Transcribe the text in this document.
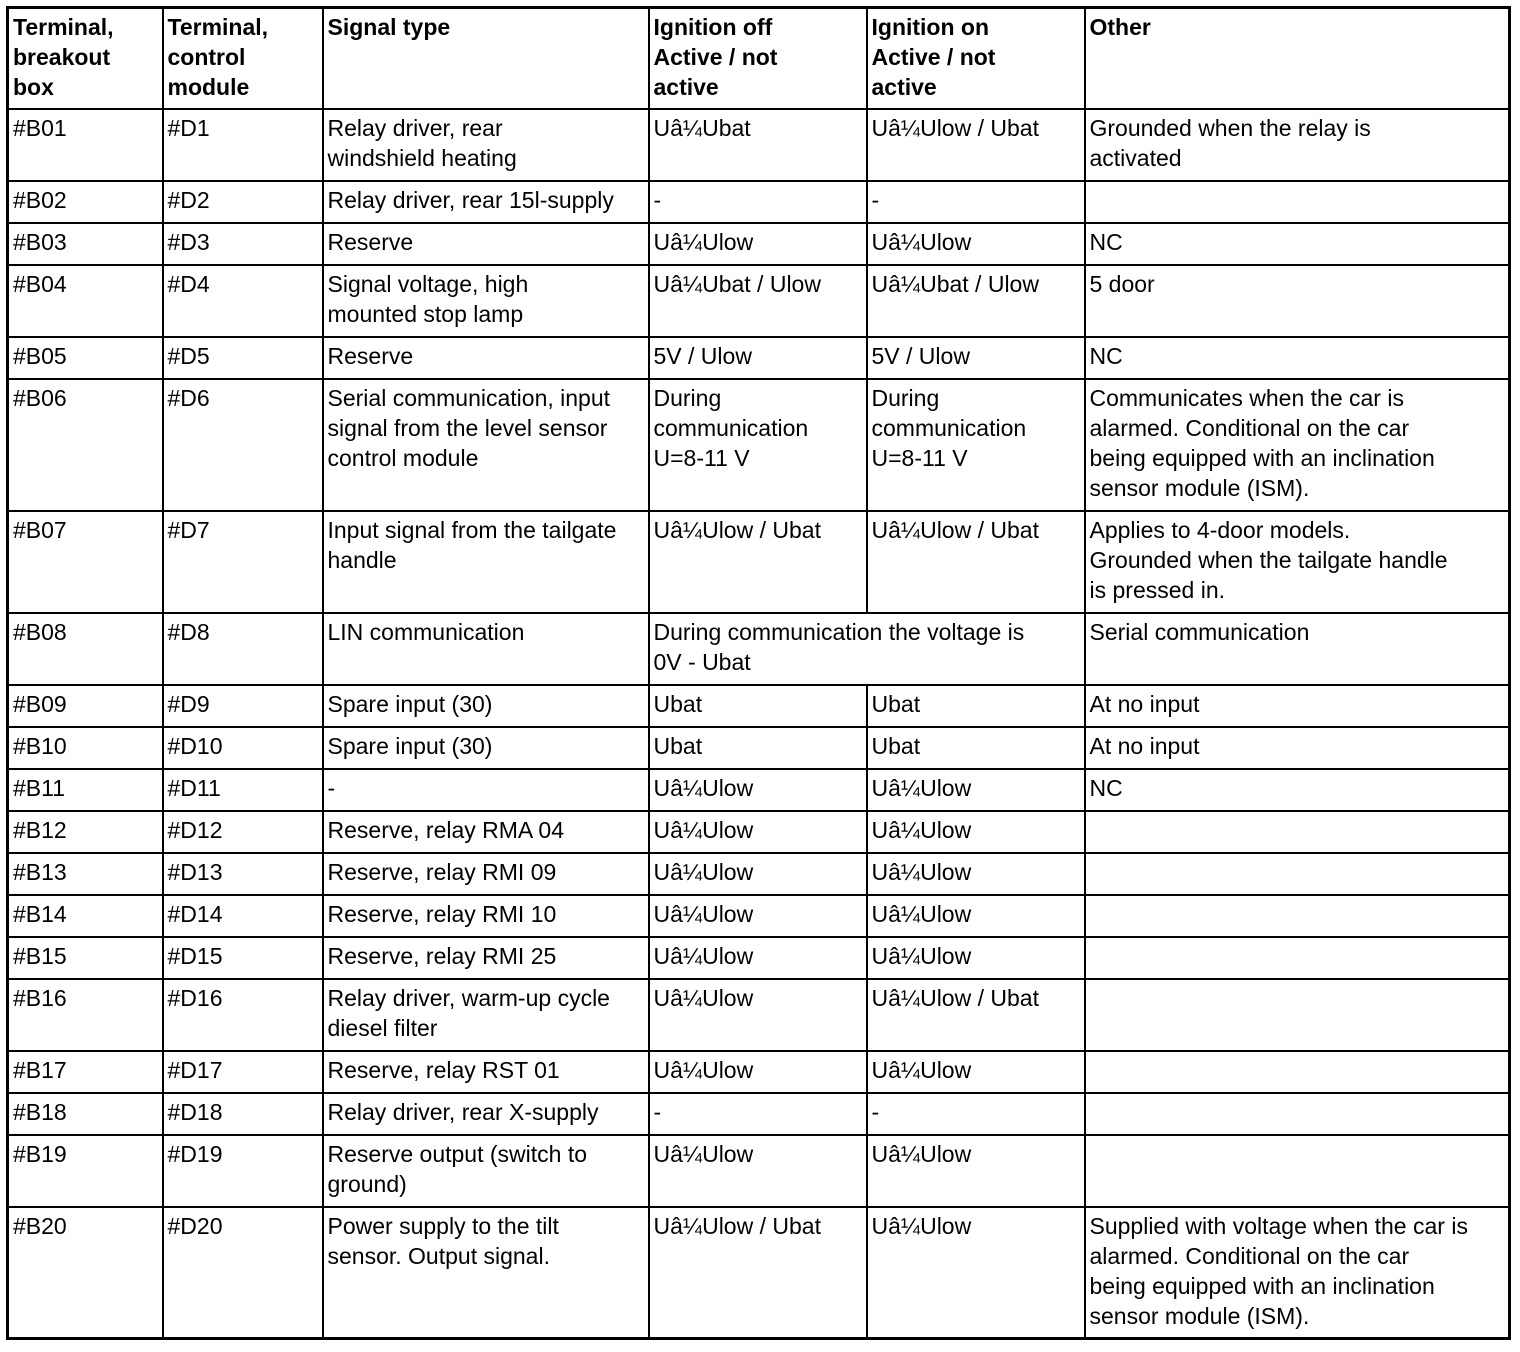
Terminal,
breakout
box	Terminal,
control
module	Signal type	Ignition off
Active / not
active	Ignition on
Active / not
active	Other
#B01	#D1	Relay driver, rear
windshield heating	Uâ¼Ubat	Uâ¼Ulow / Ubat	Grounded when the relay is
activated
#B02	#D2	Relay driver, rear 15l-supply	-	-	
#B03	#D3	Reserve	Uâ¼Ulow	Uâ¼Ulow	NC
#B04	#D4	Signal voltage, high
mounted stop lamp	Uâ¼Ubat / Ulow	Uâ¼Ubat / Ulow	5 door
#B05	#D5	Reserve	5V / Ulow	5V / Ulow	NC
#B06	#D6	Serial communication, input
signal from the level sensor
control module	During
communication
U=8-11 V	During
communication
U=8-11 V	Communicates when the car is
alarmed. Conditional on the car
being equipped with an inclination
sensor module (ISM).
#B07	#D7	Input signal from the tailgate
handle	Uâ¼Ulow / Ubat	Uâ¼Ulow / Ubat	Applies to 4-door models.
Grounded when the tailgate handle
is pressed in.
#B08	#D8	LIN communication	During communication the voltage is
0V - Ubat		Serial communication
#B09	#D9	Spare input (30)	Ubat	Ubat	At no input
#B10	#D10	Spare input (30)	Ubat	Ubat	At no input
#B11	#D11	-	Uâ¼Ulow	Uâ¼Ulow	NC
#B12	#D12	Reserve, relay RMA 04	Uâ¼Ulow	Uâ¼Ulow	
#B13	#D13	Reserve, relay RMI 09	Uâ¼Ulow	Uâ¼Ulow	
#B14	#D14	Reserve, relay RMI 10	Uâ¼Ulow	Uâ¼Ulow	
#B15	#D15	Reserve, relay RMI 25	Uâ¼Ulow	Uâ¼Ulow	
#B16	#D16	Relay driver, warm-up cycle
diesel filter	Uâ¼Ulow	Uâ¼Ulow / Ubat	
#B17	#D17	Reserve, relay RST 01	Uâ¼Ulow	Uâ¼Ulow	
#B18	#D18	Relay driver, rear X-supply	-	-	
#B19	#D19	Reserve output (switch to
ground)	Uâ¼Ulow	Uâ¼Ulow	
#B20	#D20	Power supply to the tilt
sensor. Output signal.	Uâ¼Ulow / Ubat	Uâ¼Ulow	Supplied with voltage when the car is
alarmed. Conditional on the car
being equipped with an inclination
sensor module (ISM).
